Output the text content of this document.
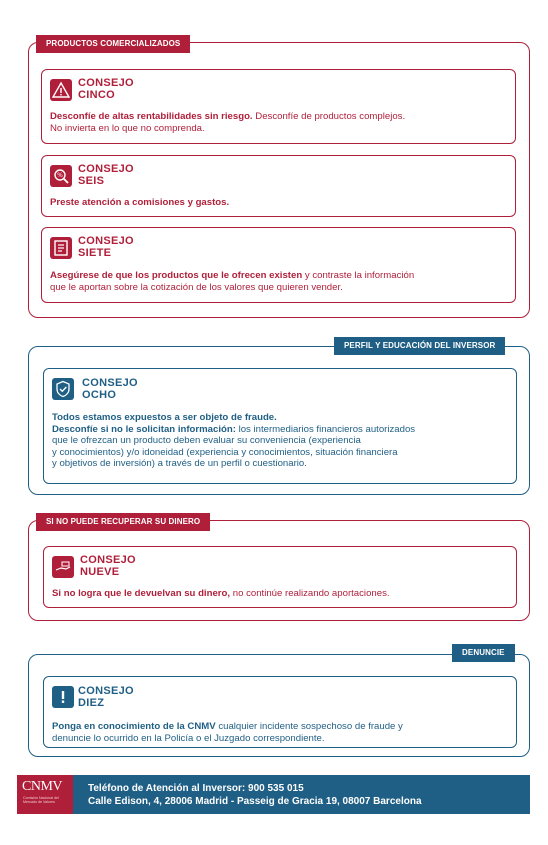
PRODUCTOS COMERCIALIZADOS
CONSEJO
CINCO
Desconfíe de altas rentabilidades sin riesgo. Desconfíe de productos complejos.
No invierta en lo que no comprenda.
%
CONSEJO
SEIS
Preste atención a comisiones y gastos.
CONSEJO
SIETE
Asegúrese de que los productos que le ofrecen existen y contraste la información
que le aportan sobre la cotización de los valores que quieren vender.
PERFIL Y EDUCACIÓN DEL INVERSOR
CONSEJO
OCHO
Todos estamos expuestos a ser objeto de fraude.
Desconfíe si no le solicitan información: los intermediarios financieros autorizados
que le ofrezcan un producto deben evaluar su conveniencia (experiencia
y conocimientos) y/o idoneidad (experiencia y conocimientos, situación financiera
y objetivos de inversión) a través de un perfil o cuestionario.
SI NO PUEDE RECUPERAR SU DINERO
CONSEJO
NUEVE
Si no logra que le devuelvan su dinero, no continúe realizando aportaciones.
DENUNCIE
CONSEJO
DIEZ
Ponga en conocimiento de la CNMV cualquier incidente sospechoso de fraude y
denuncie lo ocurrido en la Policía o el Juzgado correspondiente.
CNMV
Comisión Nacional del Mercado de Valores
Teléfono de Atención al Inversor: 900 535 015
Calle Edison, 4, 28006 Madrid - Passeig de Gracia 19, 08007 Barcelona
